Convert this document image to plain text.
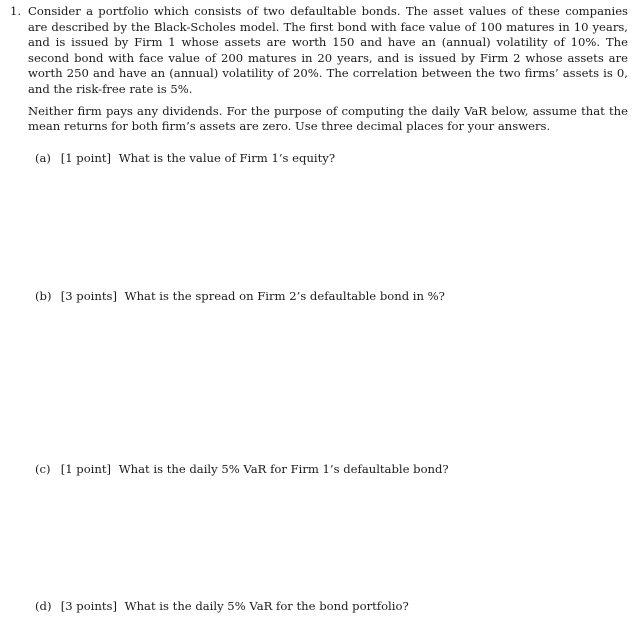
1. Consider a portfolio which consists of two defaultable bonds. The asset values of these companies are described by the Black-Scholes model. The first bond with face value of 100 matures in 10 years, and is issued by Firm 1 whose assets are worth 150 and have an (annual) volatility of 10%. The second bond with face value of 200 matures in 20 years, and is issued by Firm 2 whose assets are worth 250 and have an (annual) volatility of 20%. The correlation between the two firms’ assets is 0, and the risk-free rate is 5%.

Neither firm pays any dividends. For the purpose of computing the daily VaR below, assume that the mean returns for both firm’s assets are zero. Use three decimal places for your answers.

(a) [1 point] What is the value of Firm 1’s equity?
(b) [3 points] What is the spread on Firm 2’s defaultable bond in %?
(c) [1 point] What is the daily 5% VaR for Firm 1’s defaultable bond?
(d) [3 points] What is the daily 5% VaR for the bond portfolio?
